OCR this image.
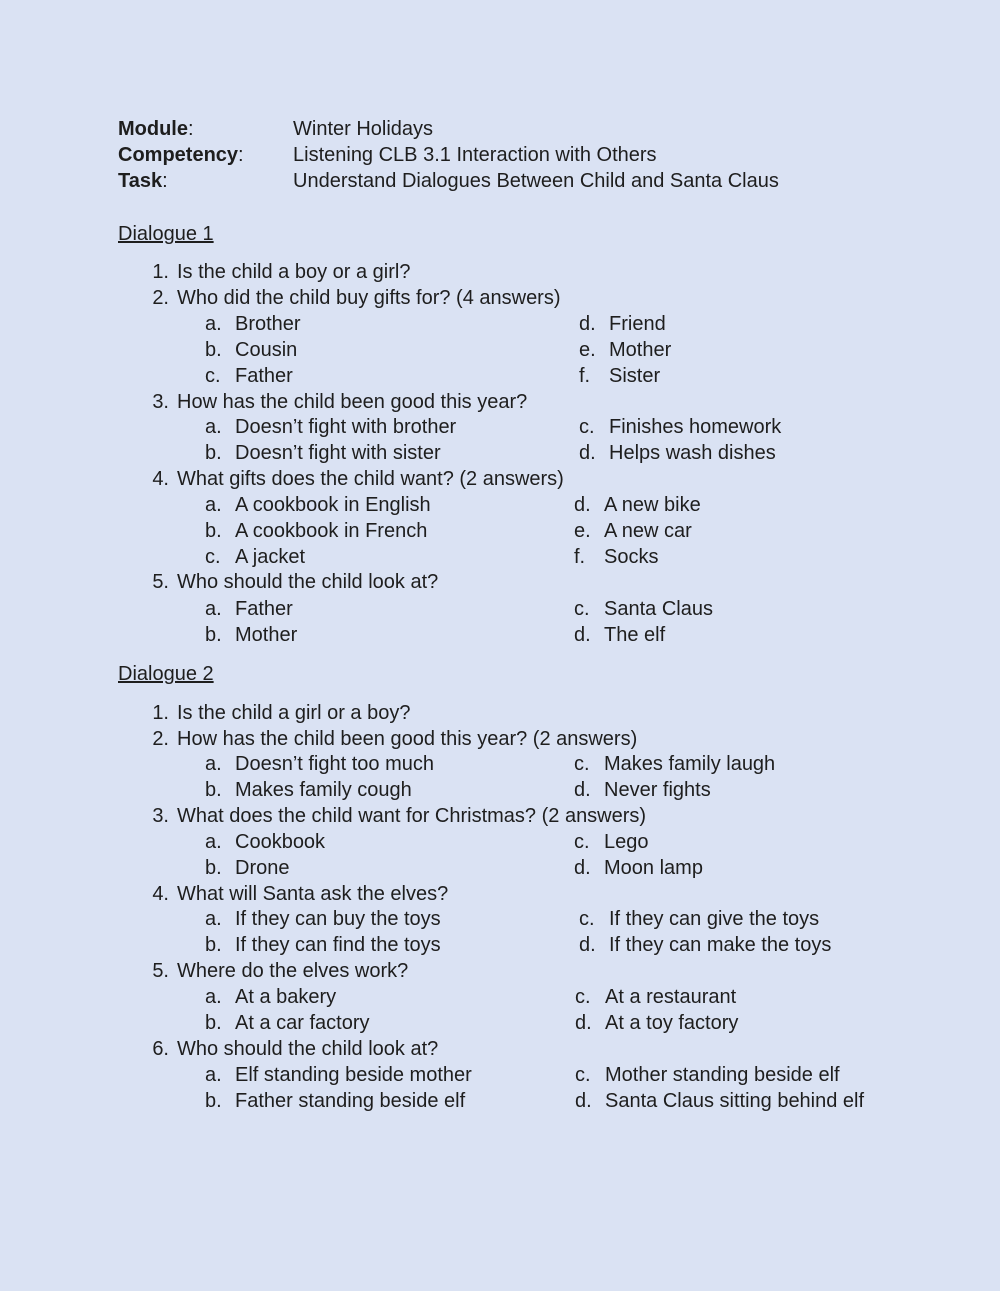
Module:	Winter Holidays
Competency: Listening CLB 3.1 Interaction with Others
Task:	Understand Dialogues Between Child and Santa Claus
Dialogue 1
1. Is the child a boy or a girl?
2. Who did the child buy gifts for? (4 answers)
a. Brother
b. Cousin
c. Father
d. Friend
e. Mother
f. Sister
3. How has the child been good this year?
a. Doesn’t fight with brother
b. Doesn’t fight with sister
c. Finishes homework
d. Helps wash dishes
4. What gifts does the child want? (2 answers)
a. A cookbook in English
b. A cookbook in French
c. A jacket
d. A new bike
e. A new car
f. Socks
5. Who should the child look at?
a. Father
b. Mother
c. Santa Claus
d. The elf
Dialogue 2
1. Is the child a girl or a boy?
2. How has the child been good this year? (2 answers)
a. Doesn’t fight too much
b. Makes family cough
c. Makes family laugh
d. Never fights
3. What does the child want for Christmas? (2 answers)
a. Cookbook
b. Drone
c. Lego
d. Moon lamp
4. What will Santa ask the elves?
a. If they can buy the toys
b. If they can find the toys
c. If they can give the toys
d. If they can make the toys
5. Where do the elves work?
a. At a bakery
b. At a car factory
c. At a restaurant
d. At a toy factory
6. Who should the child look at?
a. Elf standing beside mother
b. Father standing beside elf
c. Mother standing beside elf
d. Santa Claus sitting behind elf
